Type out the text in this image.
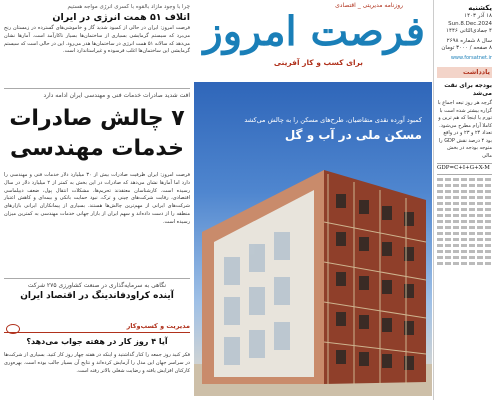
یکشنبه
۱۸ آذر ۱۴۰۳
Sun.8.Dec.2024
۴ جمادی‌الثانی ۱۴۴۶
سال ۸ شماره ۲۶۹۸
۸ صفحه / ۳۰۰۰ تومان
www.forsatnet.ir
یادداشت
بودجه برای نقت می‌شد
گرچه هر روز تبعه اجماع با گزاره بیشتر شده است با تورم یا اینجا که هم ترین و کاملا آرام مطرح می‌شود. تعداد ۲۴ و ۲۳ و در واقع بود ۴ درصد نقش GDP را متوجه بودجه در بخش مالی
GDP=C+I+G+X-M
روزنامه مدیریتی _ اقتصادی
فرصت امروز
برای کسب و کار آفرینی
چرا با وجود مازاد بالقوه با کسری انرژی مواجه هستیم
اتلاف ۵۱ همت انرژی در ایران
فرصت امروز: ایران در حالی از کمبود شدید گاز و خاموشی‌های گسترده در زمستان رنج می‌برد که سیستم گرمایشی بسیاری از ساختمان‌ها بسیار ناکارآمد است. آمارها نشان می‌دهد که سالانه ۵۱ همت انرژی در ساختمان‌ها هدر می‌رود. این در حالی است که سیستم گرمایشی این ساختمان‌ها اغلب فرسوده و غیراستاندارد است.
افت شدید صادرات خدمات فنی و مهندسی ایران ادامه دارد
۷ چالش صادرات
خدمات مهندسی
فرصت امروز: ایران ظرفیت صادرات بیش از ۳۰ میلیارد دلار خدمات فنی و مهندسی را دارد اما آمارها نشان می‌دهد که صادرات در این بخش به کمتر از ۲ میلیارد دلار در سال رسیده است. کارشناسان معتقدند تحریم‌ها، مشکلات انتقال پول، ضعف دیپلماسی اقتصادی، رقابت شرکت‌های چینی و ترک، نبود حمایت بانکی و بیمه‌ای و کاهش اعتبار شرکت‌های ایرانی از مهم‌ترین چالش‌ها هستند. بسیاری از پیمانکاران ایرانی بازارهای منطقه را از دست داده‌اند و سهم ایران از بازار جهانی خدمات مهندسی به کمترین میزان رسیده است.
نگاهی به سرمایه‌گذاری در صنعت کشاورزی ۲۷۵ شرکت
آینده کراودفاندینگ در اقتصاد ایران
مدیریت و کسب‌وکار
آیا ۴ روز کار در هفته جواب می‌دهد؟
فکر کنید روز جمعه را کنار گذاشتید و اینکه در هفته چهار روز کار کنید. بسیاری از شرکت‌ها در سراسر جهان این مدل را آزمایش کرده‌اند و نتایج آن بسیار جالب بوده است. بهره‌وری کارکنان افزایش یافته و رضایت شغلی بالاتر رفته است.
کمبود آورده نقدی متقاضیان، طرح‌های مسکن را به چالش می‌کشد
مسکن ملی در آب و گل
